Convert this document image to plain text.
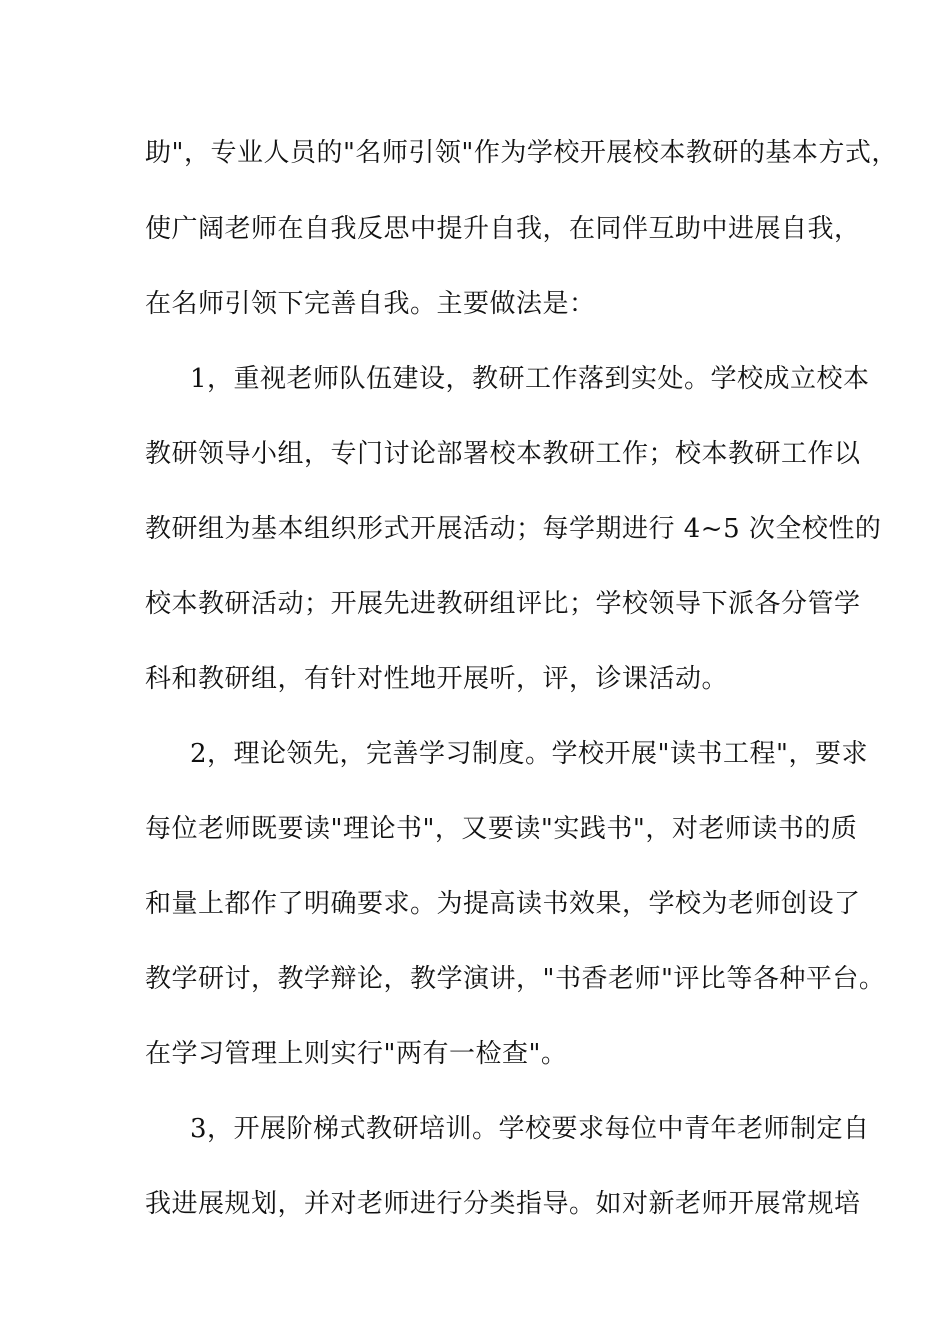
助"，专业人员的"名师引领"作为学校开展校本教研的基本方式，
使广阔老师在自我反思中提升自我，在同伴互助中进展自我，
在名师引领下完善自我。主要做法是：
1，重视老师队伍建设，教研工作落到实处。学校成立校本
教研领导小组，专门讨论部署校本教研工作；校本教研工作以
教研组为基本组织形式开展活动；每学期进行 4~5 次全校性的
校本教研活动；开展先进教研组评比；学校领导下派各分管学
科和教研组，有针对性地开展听，评，诊课活动。
2，理论领先，完善学习制度。学校开展"读书工程"，要求
每位老师既要读"理论书"，又要读"实践书"，对老师读书的质
和量上都作了明确要求。为提高读书效果，学校为老师创设了
教学研讨，教学辩论，教学演讲，"书香老师"评比等各种平台。
在学习管理上则实行"两有一检查"。
3，开展阶梯式教研培训。学校要求每位中青年老师制定自
我进展规划，并对老师进行分类指导。如对新老师开展常规培
